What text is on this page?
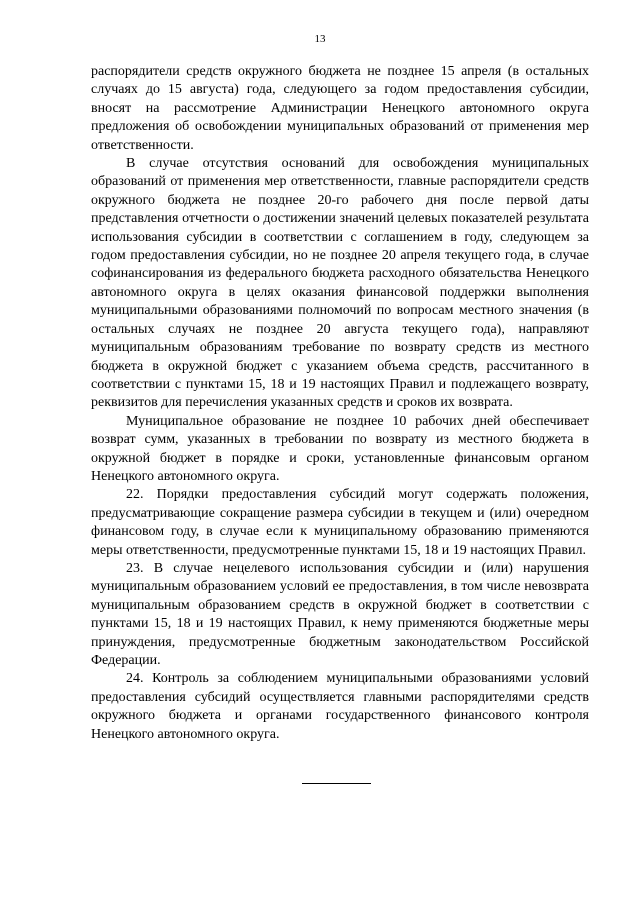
13

распорядители средств окружного бюджета не позднее 15 апреля (в остальных случаях до 15 августа) года, следующего за годом предоставления субсидии, вносят на рассмотрение Администрации Ненецкого автономного округа предложения об освобождении муниципальных образований от применения мер ответственности.

В случае отсутствия оснований для освобождения муниципальных образований от применения мер ответственности, главные распорядители средств окружного бюджета не позднее 20-го рабочего дня после первой даты представления отчетности о достижении значений целевых показателей результата использования субсидии в соответствии с соглашением в году, следующем за годом предоставления субсидии, но не позднее 20 апреля текущего года, в случае софинансирования из федерального бюджета расходного обязательства Ненецкого автономного округа в целях оказания финансовой поддержки выполнения муниципальными образованиями полномочий по вопросам местного значения (в остальных случаях не позднее 20 августа текущего года), направляют муниципальным образованиям требование по возврату средств из местного бюджета в окружной бюджет с указанием объема средств, рассчитанного в соответствии с пунктами 15, 18 и 19 настоящих Правил и подлежащего возврату, реквизитов для перечисления указанных средств и сроков их возврата.

Муниципальное образование не позднее 10 рабочих дней обеспечивает возврат сумм, указанных в требовании по возврату из местного бюджета в окружной бюджет в порядке и сроки, установленные финансовым органом Ненецкого автономного округа.

22. Порядки предоставления субсидий могут содержать положения, предусматривающие сокращение размера субсидии в текущем и (или) очередном финансовом году, в случае если к муниципальному образованию применяются меры ответственности, предусмотренные пунктами 15, 18 и 19 настоящих Правил.

23. В случае нецелевого использования субсидии и (или) нарушения муниципальным образованием условий ее предоставления, в том числе невозврата муниципальным образованием средств в окружной бюджет в соответствии с пунктами 15, 18 и 19 настоящих Правил, к нему применяются бюджетные меры принуждения, предусмотренные бюджетным законодательством Российской Федерации.

24. Контроль за соблюдением муниципальными образованиями условий предоставления субсидий осуществляется главными распорядителями средств окружного бюджета и органами государственного финансового контроля Ненецкого автономного округа.
